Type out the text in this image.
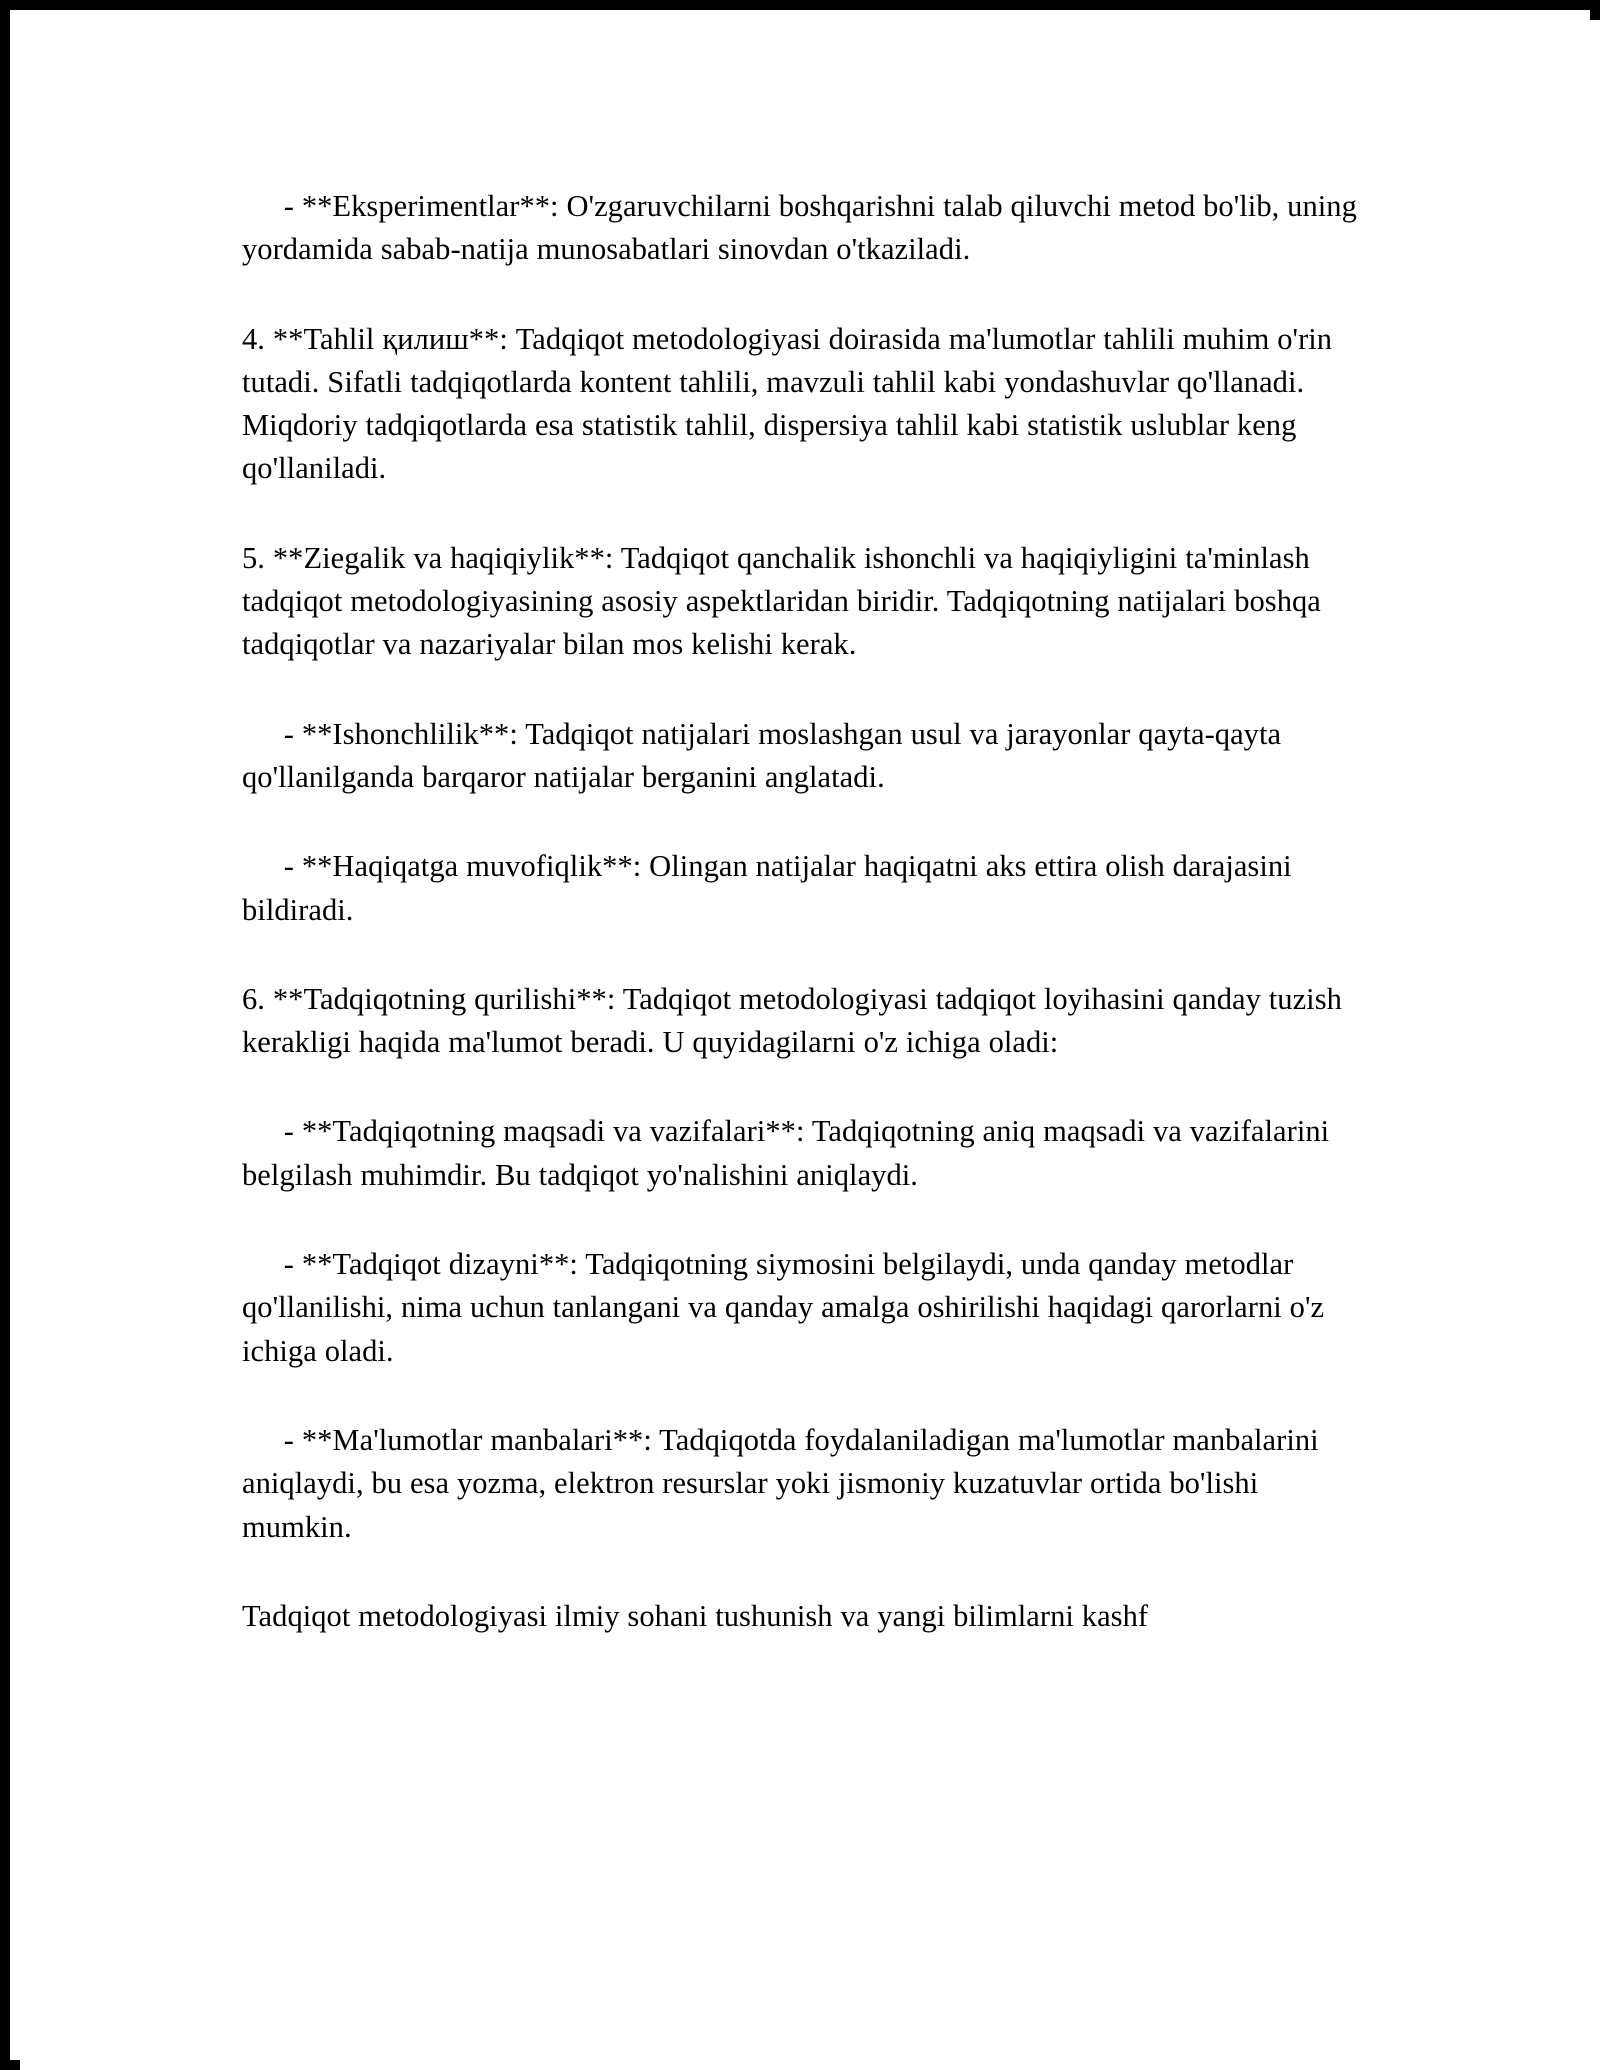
- **Eksperimentlar**: O'zgaruvchilarni boshqarishni talab qiluvchi metod bo'lib, uning yordamida sabab-natija munosabatlari sinovdan o'tkaziladi.

4. **Tahlil қилиш**: Tadqiqot metodologiyasi doirasida ma'lumotlar tahlili muhim o'rin tutadi. Sifatli tadqiqotlarda kontent tahlili, mavzuli tahlil kabi yondashuvlar qo'llanadi. Miqdoriy tadqiqotlarda esa statistik tahlil, dispersiya tahlil kabi statistik uslublar keng qo'llaniladi.

5. **Ziegalik va haqiqiylik**: Tadqiqot qanchalik ishonchli va haqiqiyligini ta'minlash tadqiqot metodologiyasining asosiy aspektlaridan biridir. Tadqiqotning natijalari boshqa tadqiqotlar va nazariyalar bilan mos kelishi kerak.

- **Ishonchlilik**: Tadqiqot natijalari moslashgan usul va jarayonlar qayta-qayta qo'llanilganda barqaror natijalar berganini anglatadi.

- **Haqiqatga muvofiqlik**: Olingan natijalar haqiqatni aks ettira olish darajasini bildiradi.

6. **Tadqiqotning qurilishi**: Tadqiqot metodologiyasi tadqiqot loyihasini qanday tuzish kerakligi haqida ma'lumot beradi. U quyidagilarni o'z ichiga oladi:

- **Tadqiqotning maqsadi va vazifalari**: Tadqiqotning aniq maqsadi va vazifalarini belgilash muhimdir. Bu tadqiqot yo'nalishini aniqlaydi.

- **Tadqiqot dizayni**: Tadqiqotning siymosini belgilaydi, unda qanday metodlar qo'llanilishi, nima uchun tanlangani va qanday amalga oshirilishi haqidagi qarorlarni o'z ichiga oladi.

- **Ma'lumotlar manbalari**: Tadqiqotda foydalaniladigan ma'lumotlar manbalarini aniqlaydi, bu esa yozma, elektron resurslar yoki jismoniy kuzatuvlar ortida bo'lishi mumkin.

Tadqiqot metodologiyasi ilmiy sohani tushunish va yangi bilimlarni kashf
